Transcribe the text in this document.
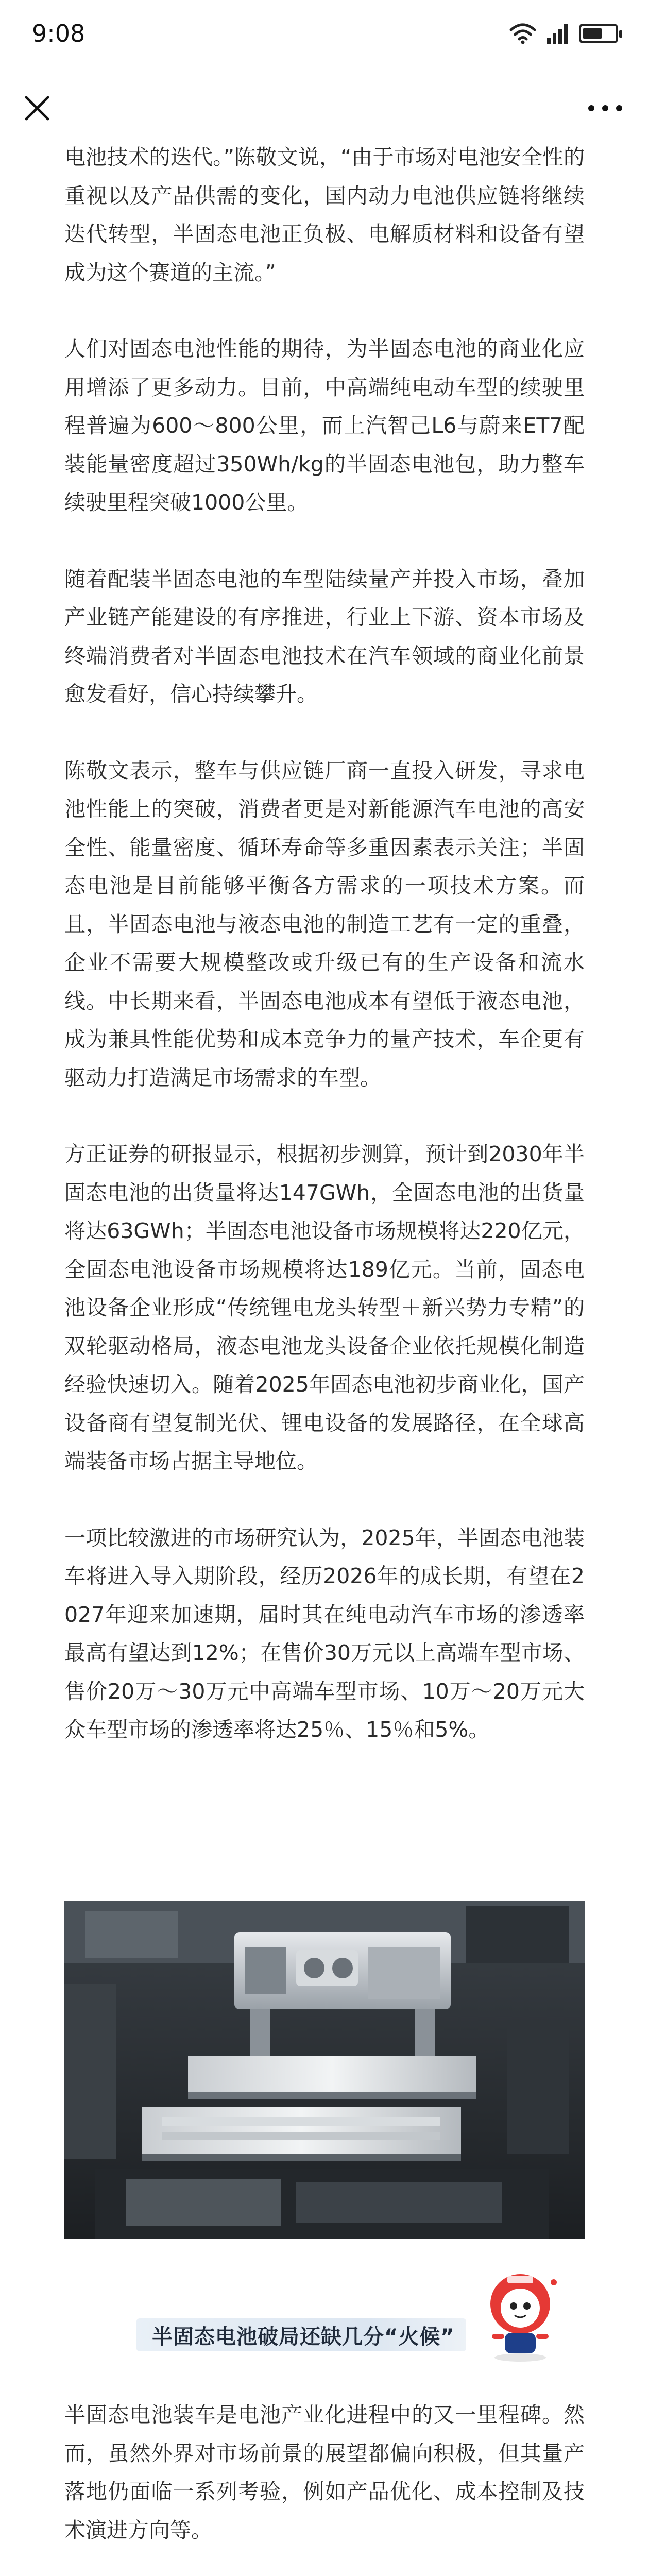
9:08

电池技术的迭代。”陈敬文说，“由于市场对电池安全性的重视以及产品供需的变化，国内动力电池供应链将继续迭代转型，半固态电池正负极、电解质材料和设备有望成为这个赛道的主流。”

人们对固态电池性能的期待，为半固态电池的商业化应用增添了更多动力。目前，中高端纯电动车型的续驶里程普遍为600～800公里，而上汽智己L6与蔚来ET7配装能量密度超过350Wh/kg的半固态电池包，助力整车续驶里程突破1000公里。

随着配装半固态电池的车型陆续量产并投入市场，叠加产业链产能建设的有序推进，行业上下游、资本市场及终端消费者对半固态电池技术在汽车领域的商业化前景愈发看好，信心持续攀升。

陈敬文表示，整车与供应链厂商一直投入研发，寻求电池性能上的突破，消费者更是对新能源汽车电池的高安全性、能量密度、循环寿命等多重因素表示关注；半固态电池是目前能够平衡各方需求的一项技术方案。而且，半固态电池与液态电池的制造工艺有一定的重叠，企业不需要大规模整改或升级已有的生产设备和流水线。中长期来看，半固态电池成本有望低于液态电池，成为兼具性能优势和成本竞争力的量产技术，车企更有驱动力打造满足市场需求的车型。

方正证券的研报显示，根据初步测算，预计到2030年半固态电池的出货量将达147GWh，全固态电池的出货量将达63GWh；半固态电池设备市场规模将达220亿元，全固态电池设备市场规模将达189亿元。当前，固态电池设备企业形成“传统锂电龙头转型＋新兴势力专精”的双轮驱动格局，液态电池龙头设备企业依托规模化制造经验快速切入。随着2025年固态电池初步商业化，国产设备商有望复制光伏、锂电设备的发展路径，在全球高端装备市场占据主导地位。

一项比较激进的市场研究认为，2025年，半固态电池装车将进入导入期阶段，经历2026年的成长期，有望在2027年迎来加速期，届时其在纯电动汽车市场的渗透率最高有望达到12%；在售价30万元以上高端车型市场、售价20万～30万元中高端车型市场、10万～20万元大众车型市场的渗透率将达25％、15％和5%。

半固态电池破局还缺几分“火候”

半固态电池装车是电池产业化进程中的又一里程碑。然而，虽然外界对市场前景的展望都偏向积极，但其量产落地仍面临一系列考验，例如产品优化、成本控制及技术演进方向等。
